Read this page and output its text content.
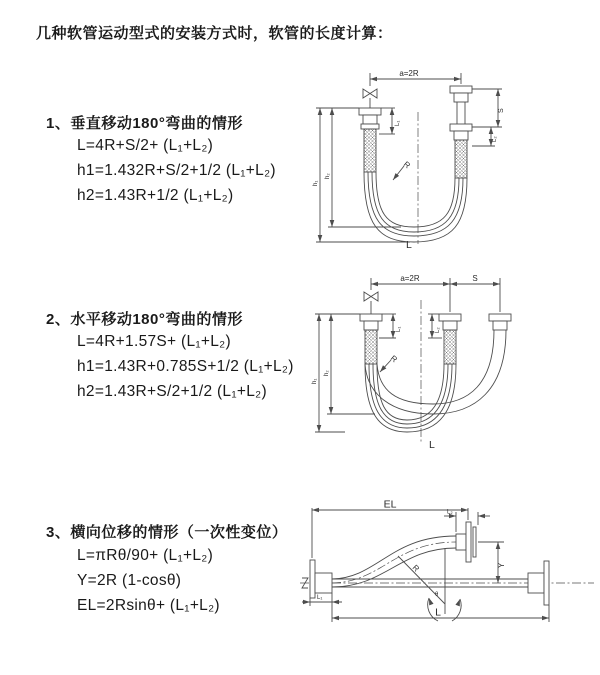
几种软管运动型式的安装方式时，软管的长度计算：
1、垂直移动180°弯曲的情形
L=4R+S/2+ (L₁+L₂)
h1=1.432R+S/2+1/2 (L₁+L₂)
h2=1.43R+1/2 (L₁+L₂)
2、水平移动180°弯曲的情形
L=4R+1.57S+ (L₁+L₂)
h1=1.43R+0.785S+1/2 (L₁+L₂)
h2=1.43R+S/2+1/2 (L₁+L₂)
3、横向位移的情形（一次性变位）
L=πRθ/90+ (L₁+L₂)
Y=2R (1-cosθ)
EL=2Rsinθ+ (L₁+L₂)
a=2R
L₁
S
L₂
h₁
h₂
R
L
a=2R	S
L₁	L₂
h₁
h₂
R
L
EL
L₂
Y
R
θ
L₁
L
